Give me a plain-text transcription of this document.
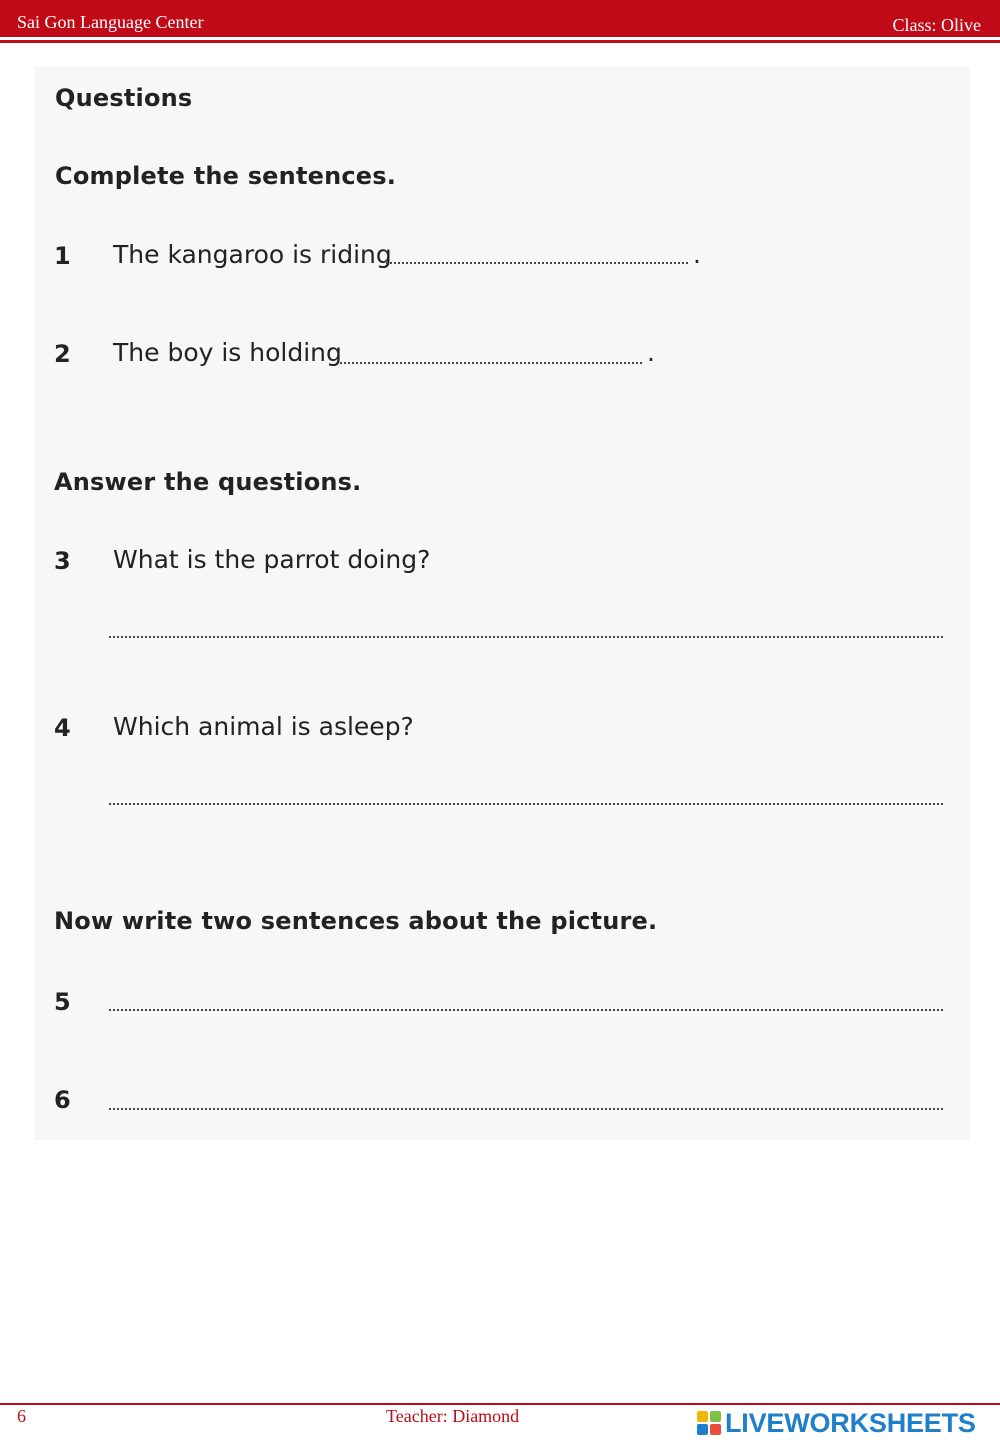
Sai Gon Language Center	Class: Olive
Questions
Complete the sentences.
1 The kangaroo is riding	.
2 The boy is holding	.
Answer the questions.
3 What is the parrot doing?
4 Which animal is asleep?
Now write two sentences about the picture.
5
6
6	Teacher: Diamond	LIVEWORKSHEETS
